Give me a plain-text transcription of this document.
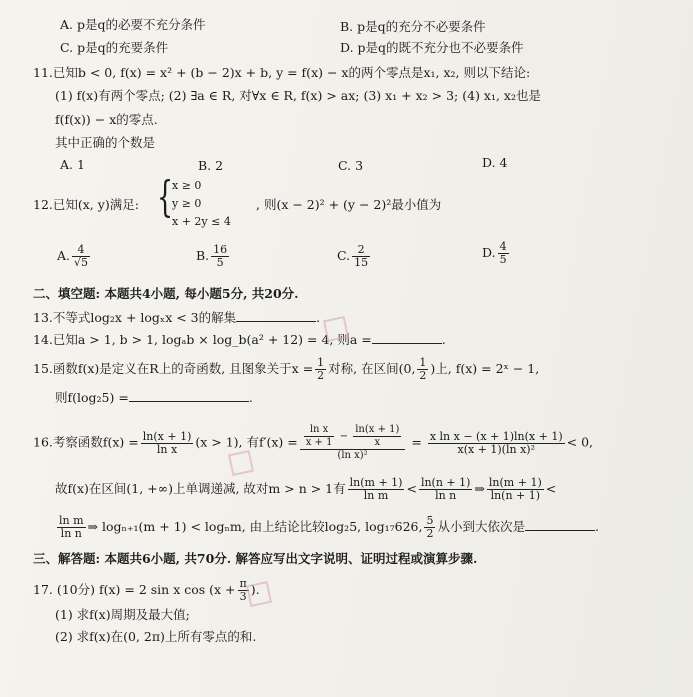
A. p是q的必要不充分条件	B. p是q的充分不必要条件
C. p是q的充要条件	D. p是q的既不充分也不必要条件
11.已知b < 0, f(x) = x² + (b − 2)x + b, y = f(x) − x的两个零点是x₁, x₂, 则以下结论:
(1) f(x)有两个零点; (2) ∃a ∈ R, 对∀x ∈ R, f(x) > ax; (3) x₁ + x₂ > 3; (4) x₁, x₂也是
f(f(x)) − x的零点.
其中正确的个数是
A. 1	B. 2	C. 3	D. 4
12.已知(x, y)满足: {
x ≥ 0
y ≥ 0
x + 2y ≤ 4
, 则(x − 2)² + (y − 2)²最小值为
A. $\frac{4}{√5}$	B. $\frac{16}{5}$	C. $\frac{2}{15}$	D. $\frac{4}{5}$
二、填空题: 本题共4小题, 每小题5分, 共20分.
13.不等式log₂x + logₓx < 3的解集	.
14.已知a > 1, b > 1, logₐb × log_b(a² + 12) = 4, 则a =	.
15.函数f(x)是定义在R上的奇函数, 且图象关于$x = \frac{1}{2}$ 对称, 在区间(0, $\frac{1}{2}$ )上, f(x) = 2ˣ − 1,
则f(log₂5) =	.
16.考察函数$f(x) = \frac{\ln(x + 1)}{\text{ln x}} (x > 1)$, 有$f'(x) = \frac{\frac{\text{ln x}}{x + 1} - \frac{\ln(x + 1)}{x}}{\text{(ln x)²}} = \frac{\text{x ln x − (x + 1)ln(x + 1)}}{\text{x(x + 1)(ln x)²}} < 0$,
故f(x)在区间(1, +∞)上单调递减, 故对m > n > 1有 $\frac{\ln(m + 1)}{\text{ln m}} < \frac{\ln(n + 1)}{\text{ln n}}$ ⇒ $\frac{\ln(m + 1)}{\ln(n + 1)}$ <
$\frac{\text{ln m}}{\text{ln n}}$ ⇒ logₙ₊₁(m + 1) < logₙm, 由上结论比较log₂5, log₁₇626, $\frac{5}{2}$ 从小到大依次是	.
三、解答题: 本题共6小题, 共70分. 解答应写出文字说明、证明过程或演算步骤.
17. (10分) f(x) = 2 sin x $\cos (x + \frac{\pi}{3}$ ).
(1) 求f(x)周期及最大值;
(2) 求f(x)在(0, 2π)上所有零点的和.
